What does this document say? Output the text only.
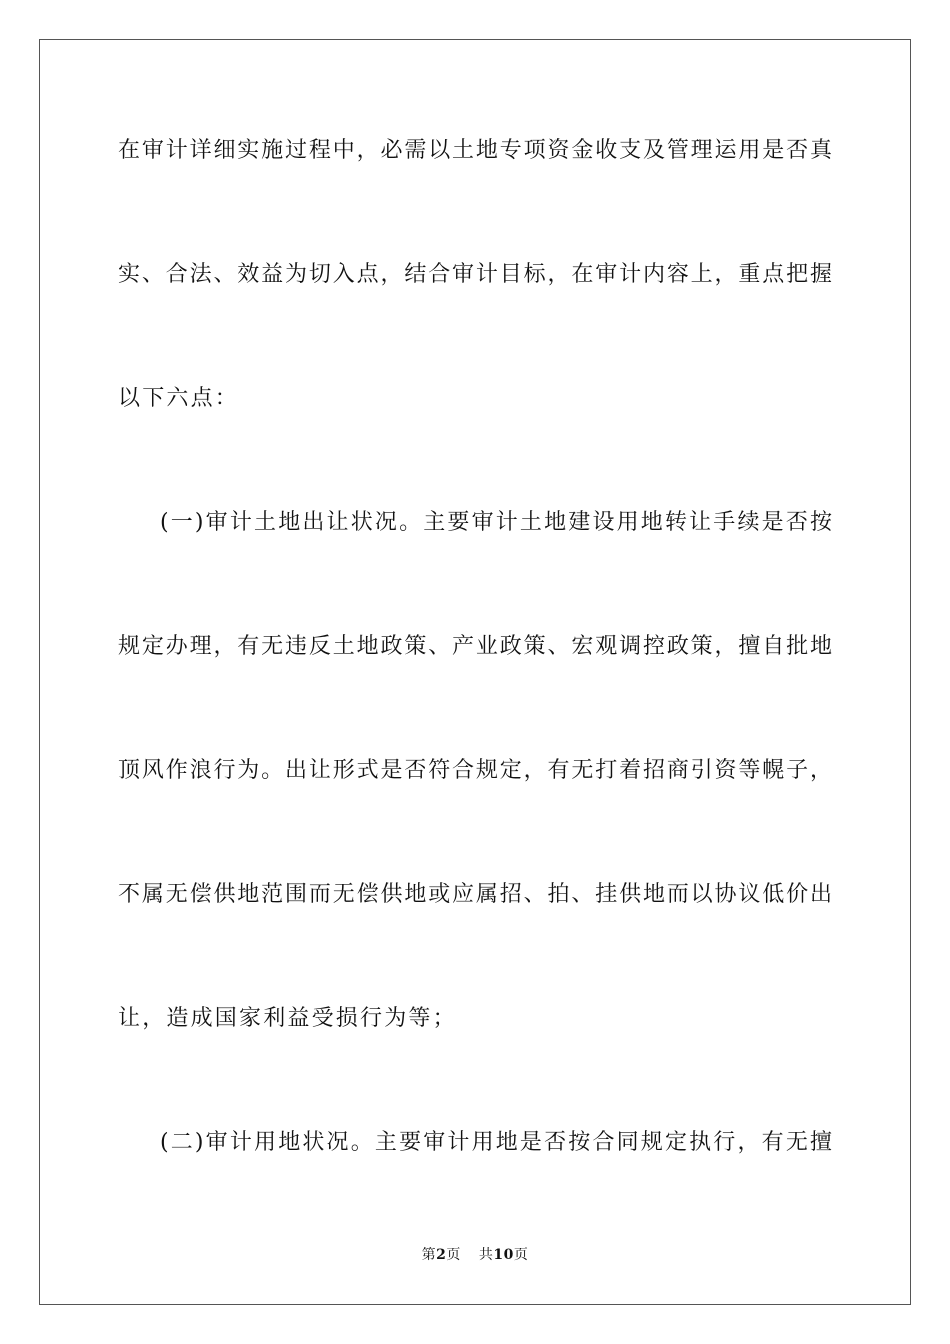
在审计详细实施过程中，必需以土地专项资金收支及管理运用是否真
实、合法、效益为切入点，结合审计目标，在审计内容上，重点把握
以下六点：
(一)审计土地出让状况。主要审计土地建设用地转让手续是否按
规定办理，有无违反土地政策、产业政策、宏观调控政策，擅自批地
顶风作浪行为。出让形式是否符合规定，有无打着招商引资等幌子，
不属无偿供地范围而无偿供地或应属招、拍、挂供地而以协议低价出
让，造成国家利益受损行为等；
(二)审计用地状况。主要审计用地是否按合同规定执行，有无擅
第2页 共10页
